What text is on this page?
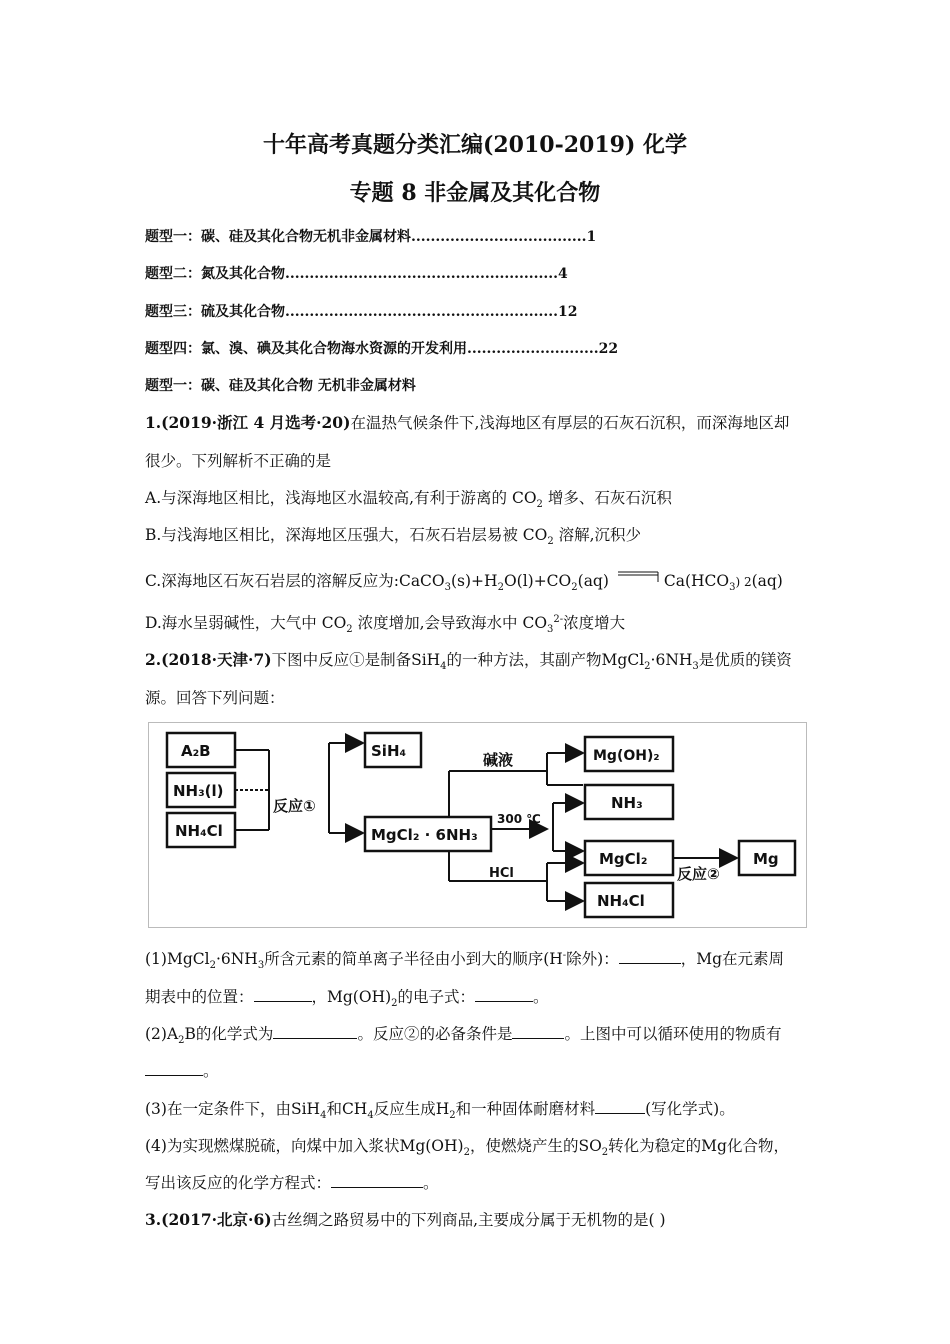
十年高考真题分类汇编(2010-2019) 化学
专题 8 非金属及其化合物
题型一：碳、硅及其化合物无机非金属材料....................................1
题型二：氮及其化合物........................................................4
题型三：硫及其化合物........................................................12
题型四：氯、溴、碘及其化合物海水资源的开发利用...........................22
题型一：碳、硅及其化合物 无机非金属材料
1.(2019·浙江 4 月选考·20)在温热气候条件下,浅海地区有厚层的石灰石沉积，而深海地区却
很少。下列解析不正确的是
A.与深海地区相比，浅海地区水温较高,有利于游离的 $CO_2$ 增多、石灰石沉积
B.与浅海地区相比，深海地区压强大，石灰石岩层易被 $CO_2$ 溶解,沉积少
C.深海地区石灰石岩层的溶解反应为$:CaCO_3(s)+H_2O(l)+CO_2(aq)$	$Ca(HCO_3)$ 2(aq)
D.海水呈弱碱性，大气中 $CO_2$ 浓度增加,会导致海水中 $CO_3^{2-}$浓度增大
2.(2018·天津·7)下图中反应①是制备SiH$_4$的一种方法，其副产物$MgCl_2\cdot 6NH_3$是优质的镁资
源。回答下列问题：
A₂B
NH₃(l)
NH₄Cl
反应①
SiH₄
MgCl₂ · 6NH₃
碱液
300 ℃
HCl
Mg(OH)₂
NH₃
MgCl₂
NH₄Cl
反应②
Mg
$(1)MgCl_2\cdot 6NH_3$所含元素的简单离子半径由小到大的顺序(H-除外)：	，Mg在元素周
期表中的位置：	，$Mg(OH)_2$的电子式：	。
$(2)A_2B$的化学式为	。反应②的必备条件是	。上图中可以循环使用的物质有
。
(3)在一定条件下，由SiH$_4$和$CH_4$反应生成$H_2$和一种固体耐磨材料	(写化学式)。
(4)为实现燃煤脱硫，向煤中加入浆状$Mg(OH)_2$，使燃烧产生的$SO_2$转化为稳定的Mg化合物，
写出该反应的化学方程式：	。
3.(2017·北京·6)古丝绸之路贸易中的下列商品,主要成分属于无机物的是( )
